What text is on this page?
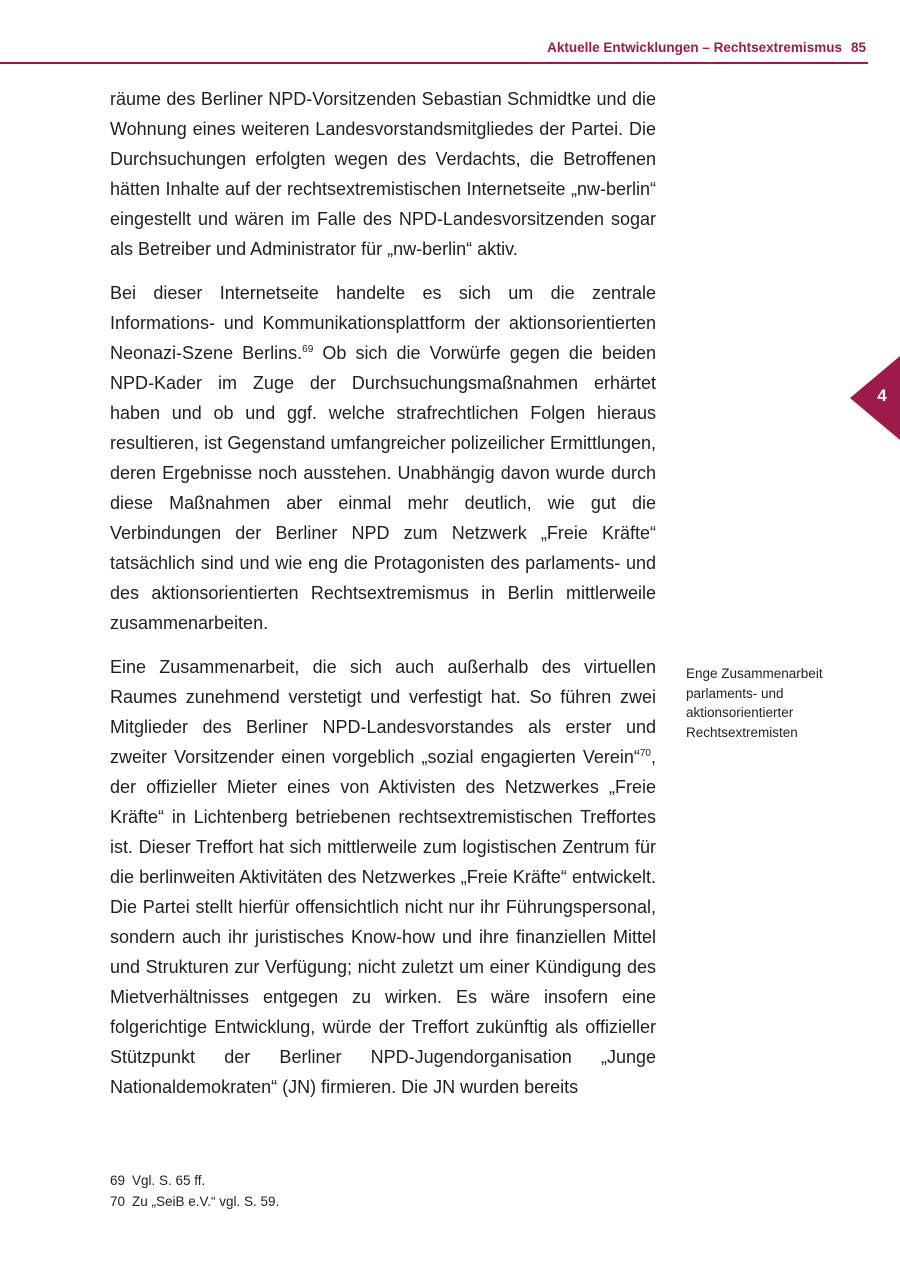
Aktuelle Entwicklungen – Rechtsextremismus 85
4

räume des Berliner NPD-Vorsitzenden Sebastian Schmidtke und die Wohnung eines weiteren Landesvorstandsmitgliedes der Partei. Die Durchsuchungen erfolgten wegen des Verdachts, die Betroffenen hätten Inhalte auf der rechtsextremistischen Internetseite „nw-berlin“ eingestellt und wären im Falle des NPD-Landesvorsitzenden sogar als Betreiber und Administrator für „nw-berlin“ aktiv.

Bei dieser Internetseite handelte es sich um die zentrale Informations- und Kommunikationsplattform der aktionsorientierten Neonazi-Szene Berlins.$^{69}$ Ob sich die Vorwürfe gegen die beiden NPD-Kader im Zuge der Durchsuchungsmaßnahmen erhärtet haben und ob und ggf. welche strafrechtlichen Folgen hieraus resultieren, ist Gegenstand umfangreicher polizeilicher Ermittlungen, deren Ergebnisse noch ausstehen. Unabhängig davon wurde durch diese Maßnahmen aber einmal mehr deutlich, wie gut die Verbindungen der Berliner NPD zum Netzwerk „Freie Kräfte“ tatsächlich sind und wie eng die Protagonisten des parlaments- und des aktionsorientierten Rechtsextremismus in Berlin mittlerweile zusammenarbeiten.

Eine Zusammenarbeit, die sich auch außerhalb des virtuellen Raumes zunehmend verstetigt und verfestigt hat. So führen zwei Mitglieder des Berliner NPD-Landesvorstandes als erster und zweiter Vorsitzender einen vorgeblich „sozial engagierten Verein“$^{70}$, der offizieller Mieter eines von Aktivisten des Netzwerkes „Freie Kräfte“ in Lichtenberg betriebenen rechtsextremistischen Treffortes ist. Dieser Treffort hat sich mittlerweile zum logistischen Zentrum für die berlinweiten Aktivitäten des Netzwerkes „Freie Kräfte“ entwickelt. Die Partei stellt hierfür offensichtlich nicht nur ihr Führungspersonal, sondern auch ihr juristisches Know-how und ihre finanziellen Mittel und Strukturen zur Verfügung; nicht zuletzt um einer Kündigung des Mietverhältnisses entgegen zu wirken. Es wäre insofern eine folgerichtige Entwicklung, würde der Treffort zukünftig als offizieller Stützpunkt der Berliner NPD-Jugendorganisation „Junge Nationaldemokraten“ (JN) firmieren. Die JN wurden bereits

Enge Zusammenarbeit
parlaments- und
aktionsorientierter
Rechtsextremisten
69 Vgl. S. 65 ff.
70 Zu „SeiB e.V.“ vgl. S. 59.
